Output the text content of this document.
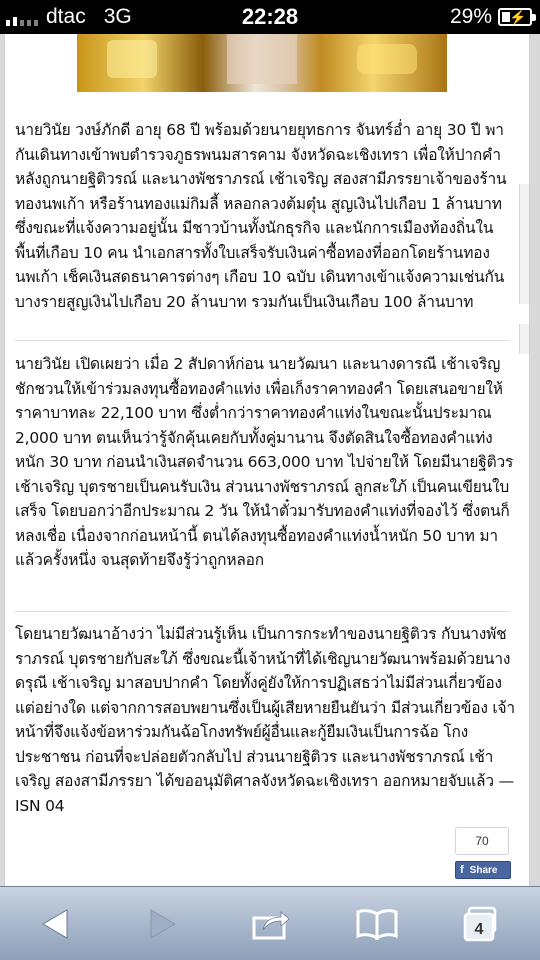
dtac 3G	22:28	29% ⚡

นายวินัย วงษ์ภักดี อายุ 68 ปี พร้อมด้วยนายยุทธการ จันทร์อ่ำ อายุ 30 ปี พากันเดินทางเข้าพบตำรวจภูธรพนมสารคาม จังหวัดฉะเชิงเทรา เพื่อให้ปากคำ หลังถูกนายฐิติวรณ์ และนางพัชราภรณ์ เช้าเจริญ สองสามีภรรยาเจ้าของร้านทองนพเก้า หรือร้านทองแม่กิมลี้ หลอกลวงต้มตุ๋น สูญเงินไปเกือบ 1 ล้านบาท ซึ่งขณะที่แจ้งความอยู่นั้น มีชาวบ้านทั้งนักธุรกิจ และนักการเมืองท้องถิ่นในพื้นที่เกือบ 10 คน นำเอกสารทั้งใบเสร็จรับเงินค่าซื้อทองที่ออกโดยร้านทองนพเก้า เช็คเงินสดธนาคารต่างๆ เกือบ 10 ฉบับ เดินทางเข้าแจ้งความเช่นกัน บางรายสูญเงินไปเกือบ 20 ล้านบาท รวมกันเป็นเงินเกือบ 100 ล้านบาท

นายวินัย เปิดเผยว่า เมื่อ 2 สัปดาห์ก่อน นายวัฒนา และนางดารณี เช้าเจริญ ชักชวนให้เข้าร่วมลงทุนซื้อทองคำแท่ง เพื่อเก็งราคาทองคำ โดยเสนอขายให้ราคาบาทละ 22,100 บาท ซึ่งต่ำกว่าราคาทองคำแท่งในขณะนั้นประมาณ 2,000 บาท ตนเห็นว่ารู้จักคุ้นเคยกับทั้งคู่มานาน จึงตัดสินใจซื้อทองคำแท่งหนัก 30 บาท ก่อนนำเงินสดจำนวน 663,000 บาท ไปจ่ายให้ โดยมีนายฐิติวร เช้าเจริญ บุตรชายเป็นคนรับเงิน ส่วนนางพัชราภรณ์ ลูกสะใภ้ เป็นคนเขียนใบเสร็จ โดยบอกว่าอีกประมาณ 2 วัน ให้นำตั๋วมารับทองคำแท่งที่จองไว้ ซึ่งตนก็หลงเชื่อ เนื่องจากก่อนหน้านี้ ตนได้ลงทุนซื้อทองคำแท่งน้ำหนัก 50 บาท มาแล้วครั้งหนึ่ง จนสุดท้ายจึงรู้ว่าถูกหลอก

โดยนายวัฒนาอ้างว่า ไม่มีส่วนรู้เห็น เป็นการกระทำของนายฐิติวร กับนางพัชราภรณ์ บุตรชายกับสะใภ้ ซึ่งขณะนี้เจ้าหน้าที่ได้เชิญนายวัฒนาพร้อมด้วยนางดรุณี เช้าเจริญ มาสอบปากคำ โดยทั้งคู่ยังให้การปฏิเสธว่าไม่มีส่วนเกี่ยวข้องแต่อย่างใด แต่จากการสอบพยานซึ่งเป็นผู้เสียหายยืนยันว่า มีส่วนเกี่ยวข้อง เจ้าหน้าที่จึงแจ้งข้อหาร่วมกันฉ้อโกงทรัพย์ผู้อื่นและกู้ยืมเงินเป็นการฉ้อ โกงประชาชน ก่อนที่จะปล่อยตัวกลับไป ส่วนนายฐิติวร และนางพัชราภรณ์ เช้าเจริญ สองสามีภรรยา ได้ขออนุมัติศาลจังหวัดฉะเชิงเทรา ออกหมายจับแล้ว —ISN 04

70
f Share
4
